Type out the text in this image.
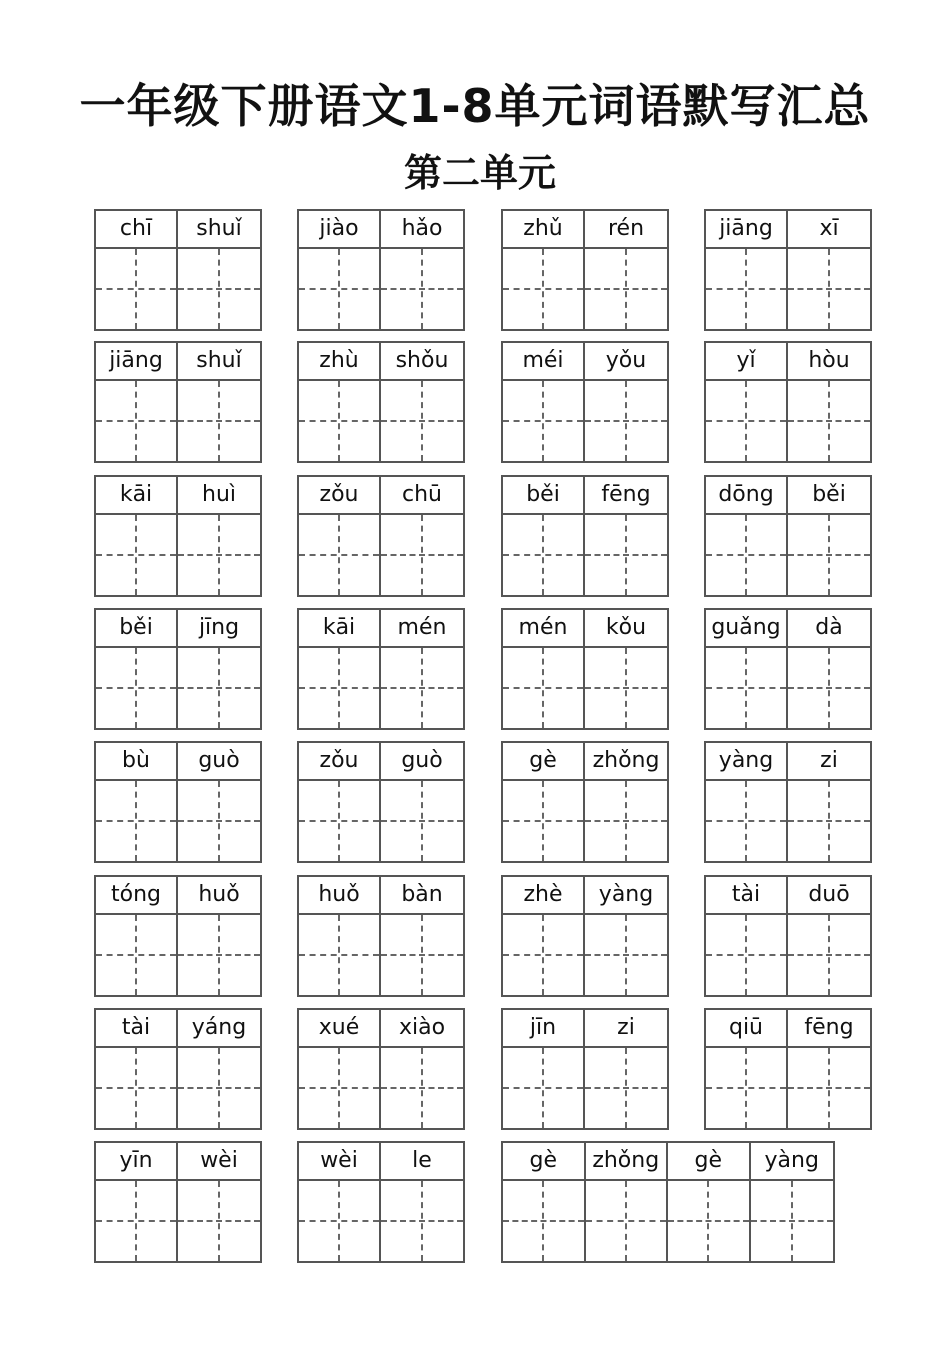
一年级下册语文1-8单元词语默写汇总
第二单元
chī	shuǐ	jiào	hǎo	zhǔ	rén	jiāng	xī
jiāng	shuǐ	zhù	shǒu	méi	yǒu	yǐ	hòu
kāi	huì	zǒu	chū	běi	fēng	dōng	běi
běi	jīng	kāi	mén	mén	kǒu	guǎng	dà
bù	guò	zǒu	guò	gè	zhǒng	yàng	zi
tóng	huǒ	huǒ	bàn	zhè	yàng	tài	duō
tài	yáng	xué	xiào	jīn	zi	qiū	fēng
yīn	wèi	wèi	le	gè	zhǒng	gè	yàng
